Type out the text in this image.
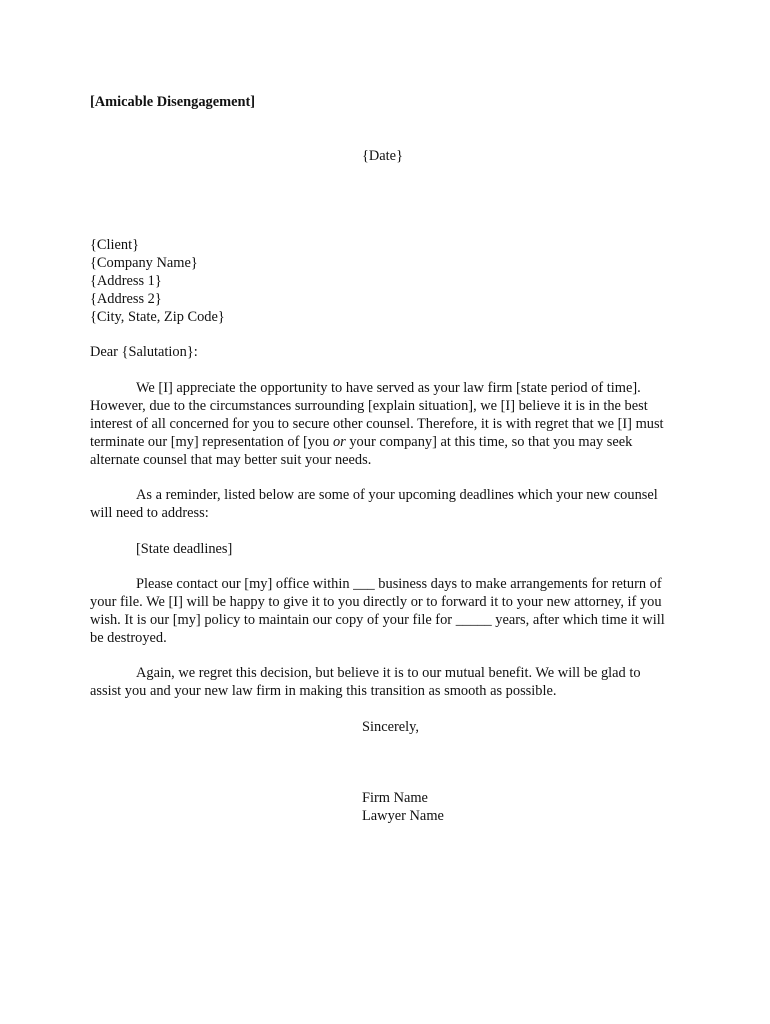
[Amicable Disengagement]
{Date}
{Client}
{Company Name}
{Address 1}
{Address 2}
{City, State, Zip Code}
Dear {Salutation}:
We [I] appreciate the opportunity to have served as your law firm [state period of time].
However, due to the circumstances surrounding [explain situation], we [I] believe it is in the best
interest of all concerned for you to secure other counsel. Therefore, it is with regret that we [I] must
terminate our [my] representation of [you or your company] at this time, so that you may seek
alternate counsel that may better suit your needs.
As a reminder, listed below are some of your upcoming deadlines which your new counsel
will need to address:
[State deadlines]
Please contact our [my] office within ___ business days to make arrangements for return of
your file. We [I] will be happy to give it to you directly or to forward it to your new attorney, if you
wish. It is our [my] policy to maintain our copy of your file for _____ years, after which time it will
be destroyed.
Again, we regret this decision, but believe it is to our mutual benefit. We will be glad to
assist you and your new law firm in making this transition as smooth as possible.
Sincerely,
Firm Name
Lawyer Name
